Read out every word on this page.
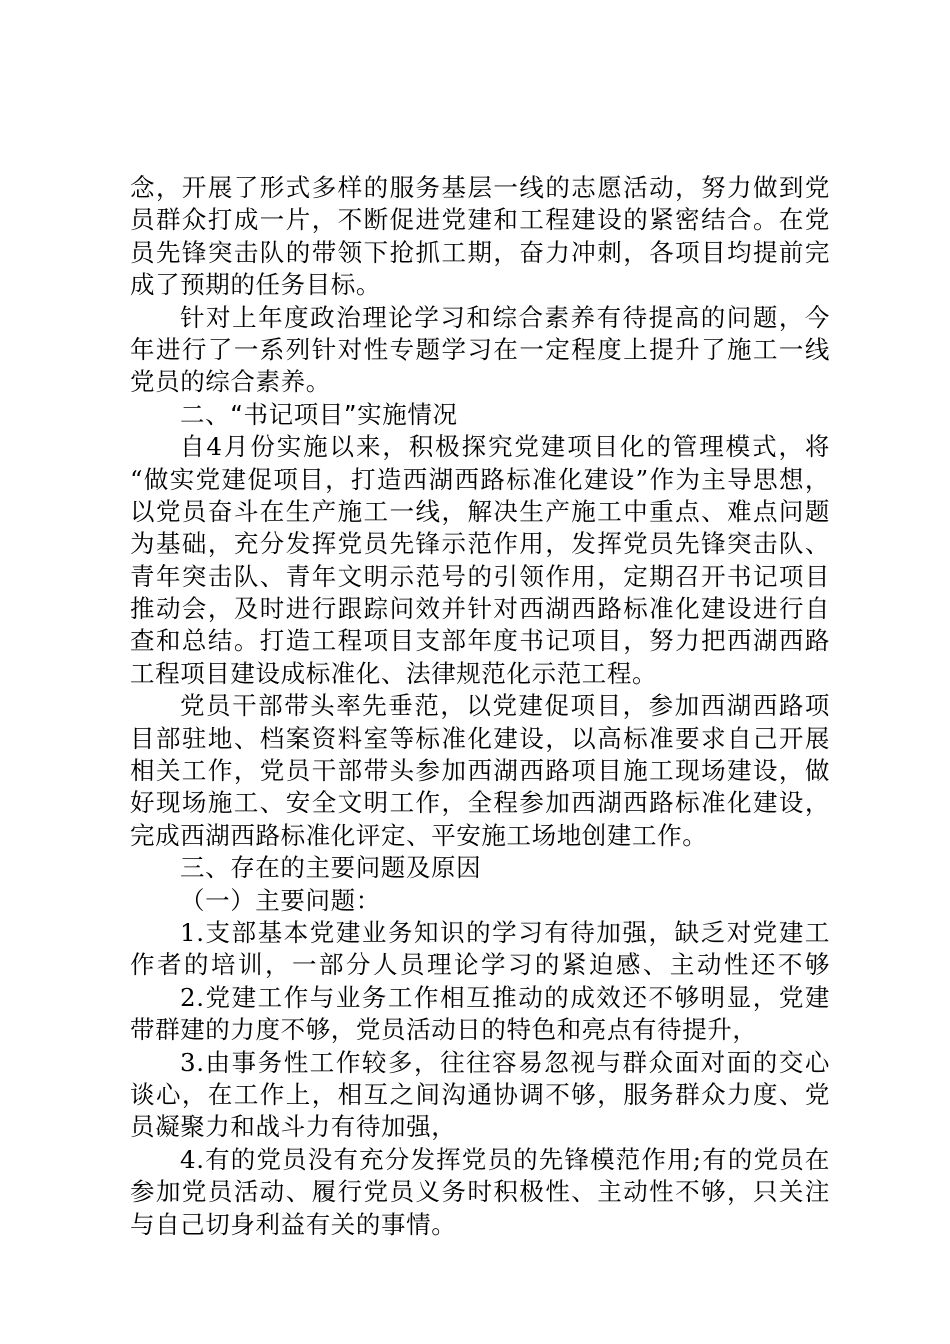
念，开展了形式多样的服务基层一线的志愿活动，努力做到党
员群众打成一片，不断促进党建和工程建设的紧密结合。在党
员先锋突击队的带领下抢抓工期，奋力冲刺，各项目均提前完
成了预期的任务目标。
针对上年度政治理论学习和综合素养有待提高的问题，今
年进行了一系列针对性专题学习在一定程度上提升了施工一线
党员的综合素养。
二、“书记项目”实施情况
自4月份实施以来，积极探究党建项目化的管理模式，将
“做实党建促项目，打造西湖西路标准化建设”作为主导思想，
以党员奋斗在生产施工一线，解决生产施工中重点、难点问题
为基础，充分发挥党员先锋示范作用，发挥党员先锋突击队、
青年突击队、青年文明示范号的引领作用，定期召开书记项目
推动会，及时进行跟踪问效并针对西湖西路标准化建设进行自
查和总结。打造工程项目支部年度书记项目，努力把西湖西路
工程项目建设成标准化、法律规范化示范工程。
党员干部带头率先垂范，以党建促项目，参加西湖西路项
目部驻地、档案资料室等标准化建设，以高标准要求自己开展
相关工作，党员干部带头参加西湖西路项目施工现场建设，做
好现场施工、安全文明工作，全程参加西湖西路标准化建设，
完成西湖西路标准化评定、平安施工场地创建工作。
三、存在的主要问题及原因
（一）主要问题：
1.支部基本党建业务知识的学习有待加强，缺乏对党建工
作者的培训，一部分人员理论学习的紧迫感、主动性还不够
2.党建工作与业务工作相互推动的成效还不够明显，党建
带群建的力度不够，党员活动日的特色和亮点有待提升，
3.由事务性工作较多，往往容易忽视与群众面对面的交心
谈心，在工作上，相互之间沟通协调不够，服务群众力度、党
员凝聚力和战斗力有待加强，
4.有的党员没有充分发挥党员的先锋模范作用;有的党员在
参加党员活动、履行党员义务时积极性、主动性不够，只关注
与自己切身利益有关的事情。
